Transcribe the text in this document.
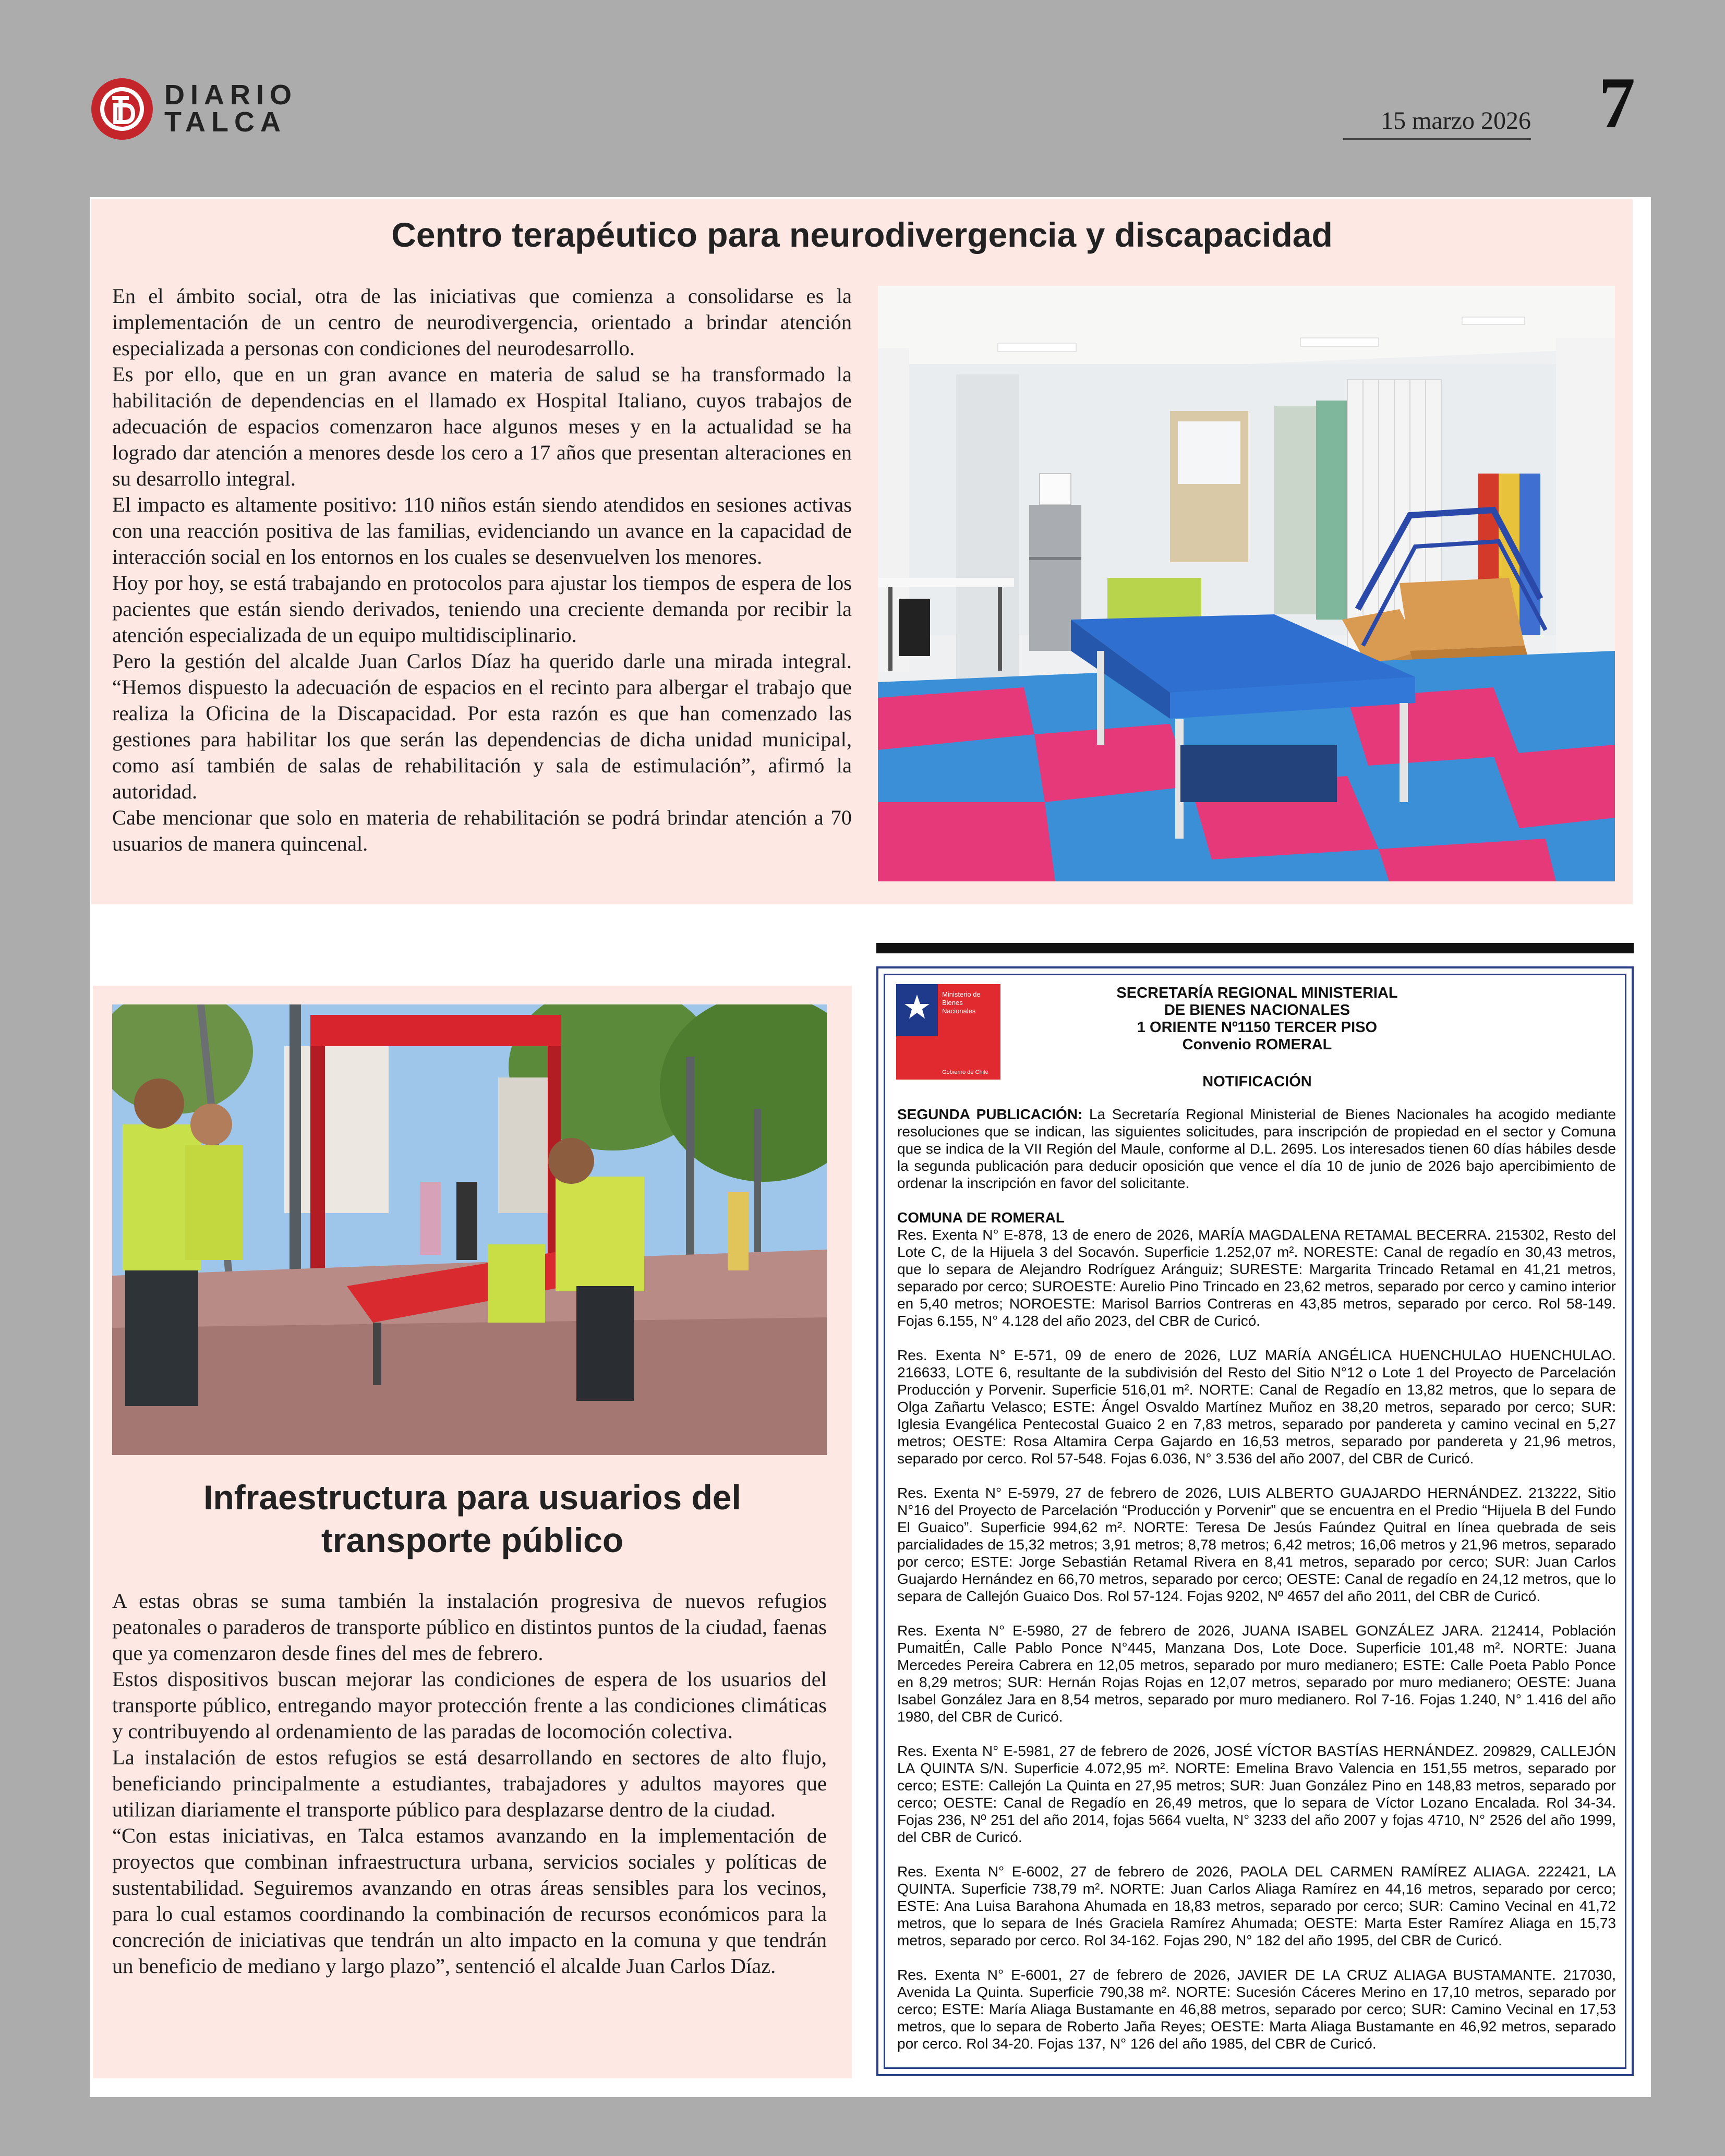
DIARIO
TALCA	15 marzo 2026 7
Centro terapéutico para neurodivergencia y discapacidad

En el ámbito social, otra de las iniciativas que comienza a consolidarse es la implementación de un centro de neurodivergencia, orientado a brindar atención especializada a personas con condiciones del neurodesarrollo.

Es por ello, que en un gran avance en materia de salud se ha transformado la habilitación de dependencias en el llamado ex Hospital Italiano, cuyos trabajos de adecuación de espacios comenzaron hace algunos meses y en la actualidad se ha logrado dar atención a menores desde los cero a 17 años que presentan alteraciones en su desarrollo integral.

El impacto es altamente positivo: 110 niños están siendo atendidos en sesiones activas con una reacción positiva de las familias, evidenciando un avance en la capacidad de interacción social en los entornos en los cuales se desenvuelven los menores.

Hoy por hoy, se está trabajando en protocolos para ajustar los tiempos de espera de los pacientes que están siendo derivados, teniendo una creciente demanda por recibir la atención especializada de un equipo multidisciplinario.

Pero la gestión del alcalde Juan Carlos Díaz ha querido darle una mirada integral. “Hemos dispuesto la adecuación de espacios en el recinto para albergar el trabajo que realiza la Oficina de la Discapacidad. Por esta razón es que han comenzado las gestiones para habilitar los que serán las dependencias de dicha unidad municipal, como así también de salas de rehabilitación y sala de estimulación”, afirmó la autoridad.

Cabe mencionar que solo en materia de rehabilitación se podrá brindar atención a 70 usuarios de manera quincenal.

Infraestructura para usuarios del
transporte público

A estas obras se suma también la instalación progresiva de nuevos refugios peatonales o paraderos de transporte público en distintos puntos de la ciudad, faenas que ya comenzaron desde fines del mes de febrero.

Estos dispositivos buscan mejorar las condiciones de espera de los usuarios del transporte público, entregando mayor protección frente a las condiciones climáticas y contribuyendo al ordenamiento de las paradas de locomoción colectiva.

La instalación de estos refugios se está desarrollando en sectores de alto flujo, beneficiando principalmente a estudiantes, trabajadores y adultos mayores que utilizan diariamente el transporte público para desplazarse dentro de la ciudad.

“Con estas iniciativas, en Talca estamos avanzando en la implementación de proyectos que combinan infraestructura urbana, servicios sociales y políticas de sustentabilidad. Seguiremos avanzando en otras áreas sensibles para los vecinos, para lo cual estamos coordinando la combinación de recursos económicos para la concreción de iniciativas que tendrán un alto impacto en la comuna y que tendrán un beneficio de mediano y largo plazo”, sentenció el alcalde Juan Carlos Díaz.

Ministerio de
Bienes
Nacionales
Gobierno de Chile
SECRETARÍA REGIONAL MINISTERIAL
DE BIENES NACIONALES
1 ORIENTE Nº1150 TERCER PISO
Convenio ROMERAL
NOTIFICACIÓN

SEGUNDA PUBLICACIÓN: La Secretaría Regional Ministerial de Bienes Nacionales ha acogido mediante resoluciones que se indican, las siguientes solicitudes, para inscripción de propiedad en el sector y Comuna que se indica de la VII Región del Maule, conforme al D.L. 2695. Los interesados tienen 60 días hábiles desde la segunda publicación para deducir oposición que vence el día 10 de junio de 2026 bajo apercibimiento de ordenar la inscripción en favor del solicitante.

COMUNA DE ROMERAL

Res. Exenta N° E-878, 13 de enero de 2026, MARÍA MAGDALENA RETAMAL BECERRA. 215302, Resto del Lote C, de la Hijuela 3 del Socavón. Superficie 1.252,07 m². NORESTE: Canal de regadío en 30,43 metros, que lo separa de Alejandro Rodríguez Aránguiz; SURESTE: Margarita Trincado Retamal en 41,21 metros, separado por cerco; SUROESTE: Aurelio Pino Trincado en 23,62 metros, separado por cerco y camino interior en 5,40 metros; NOROESTE: Marisol Barrios Contreras en 43,85 metros, separado por cerco. Rol 58-149. Fojas 6.155, N° 4.128 del año 2023, del CBR de Curicó.

Res. Exenta N° E-571, 09 de enero de 2026, LUZ MARÍA ANGÉLICA HUENCHULAO HUENCHULAO. 216633, LOTE 6, resultante de la subdivisión del Resto del Sitio N°12 o Lote 1 del Proyecto de Parcelación Producción y Porvenir. Superficie 516,01 m². NORTE: Canal de Regadío en 13,82 metros, que lo separa de Olga Zañartu Velasco; ESTE: Ángel Osvaldo Martínez Muñoz en 38,20 metros, separado por cerco; SUR: Iglesia Evangélica Pentecostal Guaico 2 en 7,83 metros, separado por pandereta y camino vecinal en 5,27 metros; OESTE: Rosa Altamira Cerpa Gajardo en 16,53 metros, separado por pandereta y 21,96 metros, separado por cerco. Rol 57-548. Fojas 6.036, N° 3.536 del año 2007, del CBR de Curicó.

Res. Exenta N° E-5979, 27 de febrero de 2026, LUIS ALBERTO GUAJARDO HERNÁNDEZ. 213222, Sitio N°16 del Proyecto de Parcelación “Producción y Porvenir” que se encuentra en el Predio “Hijuela B del Fundo El Guaico”. Superficie 994,62 m². NORTE: Teresa De Jesús Faúndez Quitral en línea quebrada de seis parcialidades de 15,32 metros; 3,91 metros; 8,78 metros; 6,42 metros; 16,06 metros y 21,96 metros, separado por cerco; ESTE: Jorge Sebastián Retamal Rivera en 8,41 metros, separado por cerco; SUR: Juan Carlos Guajardo Hernández en 66,70 metros, separado por cerco; OESTE: Canal de regadío en 24,12 metros, que lo separa de Callejón Guaico Dos. Rol 57-124. Fojas 9202, Nº 4657 del año 2011, del CBR de Curicó.

Res. Exenta N° E-5980, 27 de febrero de 2026, JUANA ISABEL GONZÁLEZ JARA. 212414, Población PumaitÉn, Calle Pablo Ponce N°445, Manzana Dos, Lote Doce. Superficie 101,48 m². NORTE: Juana Mercedes Pereira Cabrera en 12,05 metros, separado por muro medianero; ESTE: Calle Poeta Pablo Ponce en 8,29 metros; SUR: Hernán Rojas Rojas en 12,07 metros, separado por muro medianero; OESTE: Juana Isabel González Jara en 8,54 metros, separado por muro medianero. Rol 7-16. Fojas 1.240, N° 1.416 del año 1980, del CBR de Curicó.

Res. Exenta N° E-5981, 27 de febrero de 2026, JOSÉ VÍCTOR BASTÍAS HERNÁNDEZ. 209829, CALLEJÓN LA QUINTA S/N. Superficie 4.072,95 m². NORTE: Emelina Bravo Valencia en 151,55 metros, separado por cerco; ESTE: Callejón La Quinta en 27,95 metros; SUR: Juan González Pino en 148,83 metros, separado por cerco; OESTE: Canal de Regadío en 26,49 metros, que lo separa de Víctor Lozano Encalada. Rol 34-34. Fojas 236, Nº 251 del año 2014, fojas 5664 vuelta, N° 3233 del año 2007 y fojas 4710, N° 2526 del año 1999, del CBR de Curicó.

Res. Exenta N° E-6002, 27 de febrero de 2026, PAOLA DEL CARMEN RAMÍREZ ALIAGA. 222421, LA QUINTA. Superficie 738,79 m². NORTE: Juan Carlos Aliaga Ramírez en 44,16 metros, separado por cerco; ESTE: Ana Luisa Barahona Ahumada en 18,83 metros, separado por cerco; SUR: Camino Vecinal en 41,72 metros, que lo separa de Inés Graciela Ramírez Ahumada; OESTE: Marta Ester Ramírez Aliaga en 15,73 metros, separado por cerco. Rol 34-162. Fojas 290, N° 182 del año 1995, del CBR de Curicó.

Res. Exenta N° E-6001, 27 de febrero de 2026, JAVIER DE LA CRUZ ALIAGA BUSTAMANTE. 217030, Avenida La Quinta. Superficie 790,38 m². NORTE: Sucesión Cáceres Merino en 17,10 metros, separado por cerco; ESTE: María Aliaga Bustamante en 46,88 metros, separado por cerco; SUR: Camino Vecinal en 17,53 metros, que lo separa de Roberto Jaña Reyes; OESTE: Marta Aliaga Bustamante en 46,92 metros, separado por cerco. Rol 34-20. Fojas 137, N° 126 del año 1985, del CBR de Curicó.
